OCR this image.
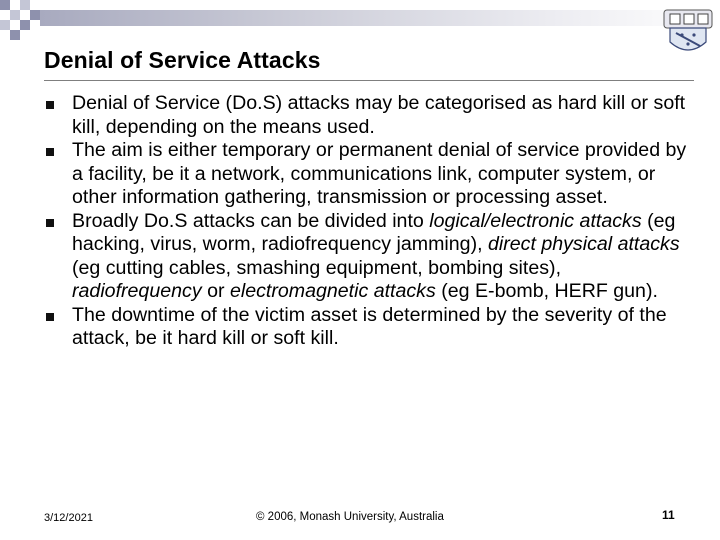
Denial of Service Attacks
Denial of Service (Do.S) attacks may be categorised as hard kill or soft kill, depending on the means used.
The aim is either temporary or permanent denial of service provided by a facility, be it a network, communications link, computer system, or other information gathering, transmission or processing asset.
Broadly Do.S attacks can be divided into logical/electronic attacks (eg hacking, virus, worm, radiofrequency jamming), direct physical attacks (eg cutting cables, smashing equipment, bombing sites), radiofrequency or electromagnetic attacks (eg E-bomb, HERF gun).
The downtime of the victim asset is determined by the severity of the attack, be it hard kill or soft kill.
3/12/2021	© 2006, Monash University, Australia	11
